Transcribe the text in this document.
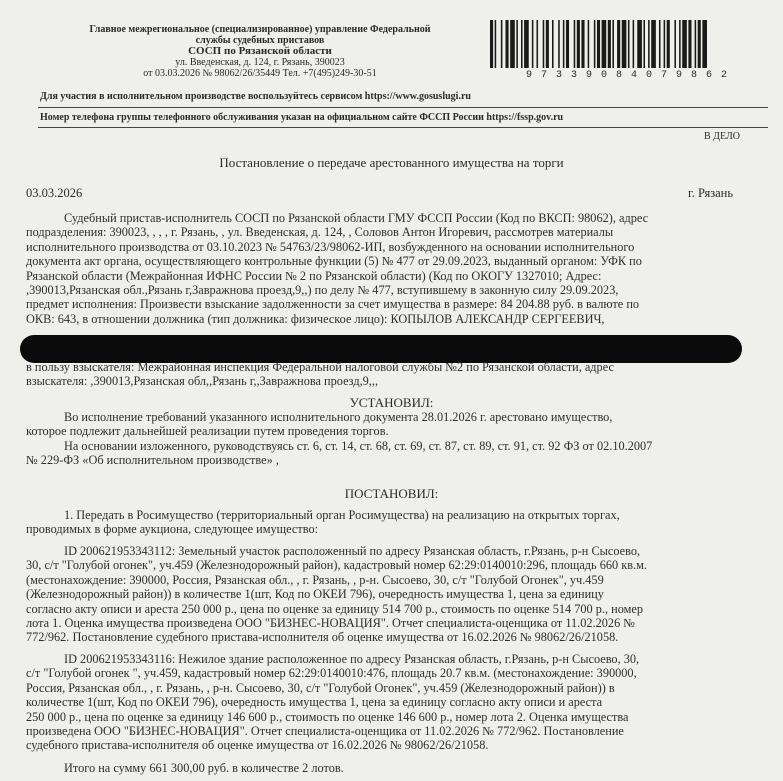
Главное межрегиональное (специализированное) управление Федеральной
службы судебных приставов
СОСП по Рязанской области
ул. Введенская, д. 124, г. Рязань, 390023
от 03.03.2026 № 98062/26/35449 Тел. +7(495)249-30-51	97339084079862
Для участия в исполнительном производстве воспользуйтесь сервисом https://www.gosuslugi.ru
Номер телефона группы телефонного обслуживания указан на официальном сайте ФССП России https://fssp.gov.ru
В ДЕЛО
Постановление о передаче арестованного имущества на торги
03.03.2026	г. Рязань
Судебный пристав-исполнитель СОСП по Рязанской области ГМУ ФССП России (Код по ВКСП: 98062), адрес
подразделения: 390023, , , , г. Рязань, , ул. Введенская, д. 124, , Соловов Антон Игоревич, рассмотрев материалы
исполнительного производства от 03.10.2023 № 54763/23/98062-ИП, возбужденного на основании исполнительного
документа акт органа, осуществляющего контрольные функции (5) № 477 от 29.09.2023, выданный органом: УФК по
Рязанской области (Межрайонная ИФНС России № 2 по Рязанской области) (Код по ОКОГУ 1327010; Адрес:
,390013,Рязанская обл.,Рязань г,Завражнова проезд,9,,) по делу № 477, вступившему в законную силу 29.09.2023,
предмет исполнения: Произвести взыскание задолженности за счет имущества в размере: 84 204.88 руб. в валюте по
ОКВ: 643, в отношении должника (тип должника: физическое лицо): КОПЫЛОВ АЛЕКСАНДР СЕРГЕЕВИЧ,
в пользу взыскателя: Межрайонная инспекция Федеральной налоговой службы №2 по Рязанской области, адрес
взыскателя: ,390013,Рязанская обл,,Рязань г,,Завражнова проезд,9,,,
УСТАНОВИЛ:
Во исполнение требований указанного исполнительного документа 28.01.2026 г. арестовано имущество,
которое подлежит дальнейшей реализации путем проведения торгов.
На основании изложенного, руководствуясь ст. 6, ст. 14, ст. 68, ст. 69, ст. 87, ст. 89, ст. 91, ст. 92 ФЗ от 02.10.2007
№ 229-ФЗ «Об исполнительном производстве» ,
ПОСТАНОВИЛ:
1. Передать в Росимущество (территориальный орган Росимущества) на реализацию на открытых торгах,
проводимых в форме аукциона, следующее имущество:
ID 200621953343112: Земельный участок расположенный по адресу Рязанская область, г.Рязань, р-н Сысоево,
30, с/т "Голубой огонек", уч.459 (Железнодорожный район), кадастровый номер 62:29:0140010:296, площадь 660 кв.м.
(местонахождение: 390000, Россия, Рязанская обл., , г. Рязань, , р-н. Сысоево, 30, с/т "Голубой Огонек", уч.459
(Железнодорожный район)) в количестве 1(шт, Код по ОКЕИ 796), очередность имущества 1, цена за единицу
согласно акту описи и ареста 250 000 р., цена по оценке за единицу 514 700 р., стоимость по оценке 514 700 р., номер
лота 1. Оценка имущества произведена ООО "БИЗНЕС-НОВАЦИЯ". Отчет специалиста-оценщика от 11.02.2026 №
772/962. Постановление судебного пристава-исполнителя об оценке имущества от 16.02.2026 № 98062/26/21058.
ID 200621953343116: Нежилое здание расположенное по адресу Рязанская область, г.Рязань, р-н Сысоево, 30,
с/т "Голубой огонек ", уч.459, кадастровый номер 62:29:0140010:476, площадь 20.7 кв.м. (местонахождение: 390000,
Россия, Рязанская обл., , г. Рязань, , р-н. Сысоево, 30, с/т "Голубой Огонек", уч.459 (Железнодорожный район)) в
количестве 1(шт, Код по ОКЕИ 796), очередность имущества 1, цена за единицу согласно акту описи и ареста
250 000 р., цена по оценке за единицу 146 600 р., стоимость по оценке 146 600 р., номер лота 2. Оценка имущества
произведена ООО "БИЗНЕС-НОВАЦИЯ". Отчет специалиста-оценщика от 11.02.2026 № 772/962. Постановление
судебного пристава-исполнителя об оценке имущества от 16.02.2026 № 98062/26/21058.
Итого на сумму 661 300,00 руб. в количестве 2 лотов.
